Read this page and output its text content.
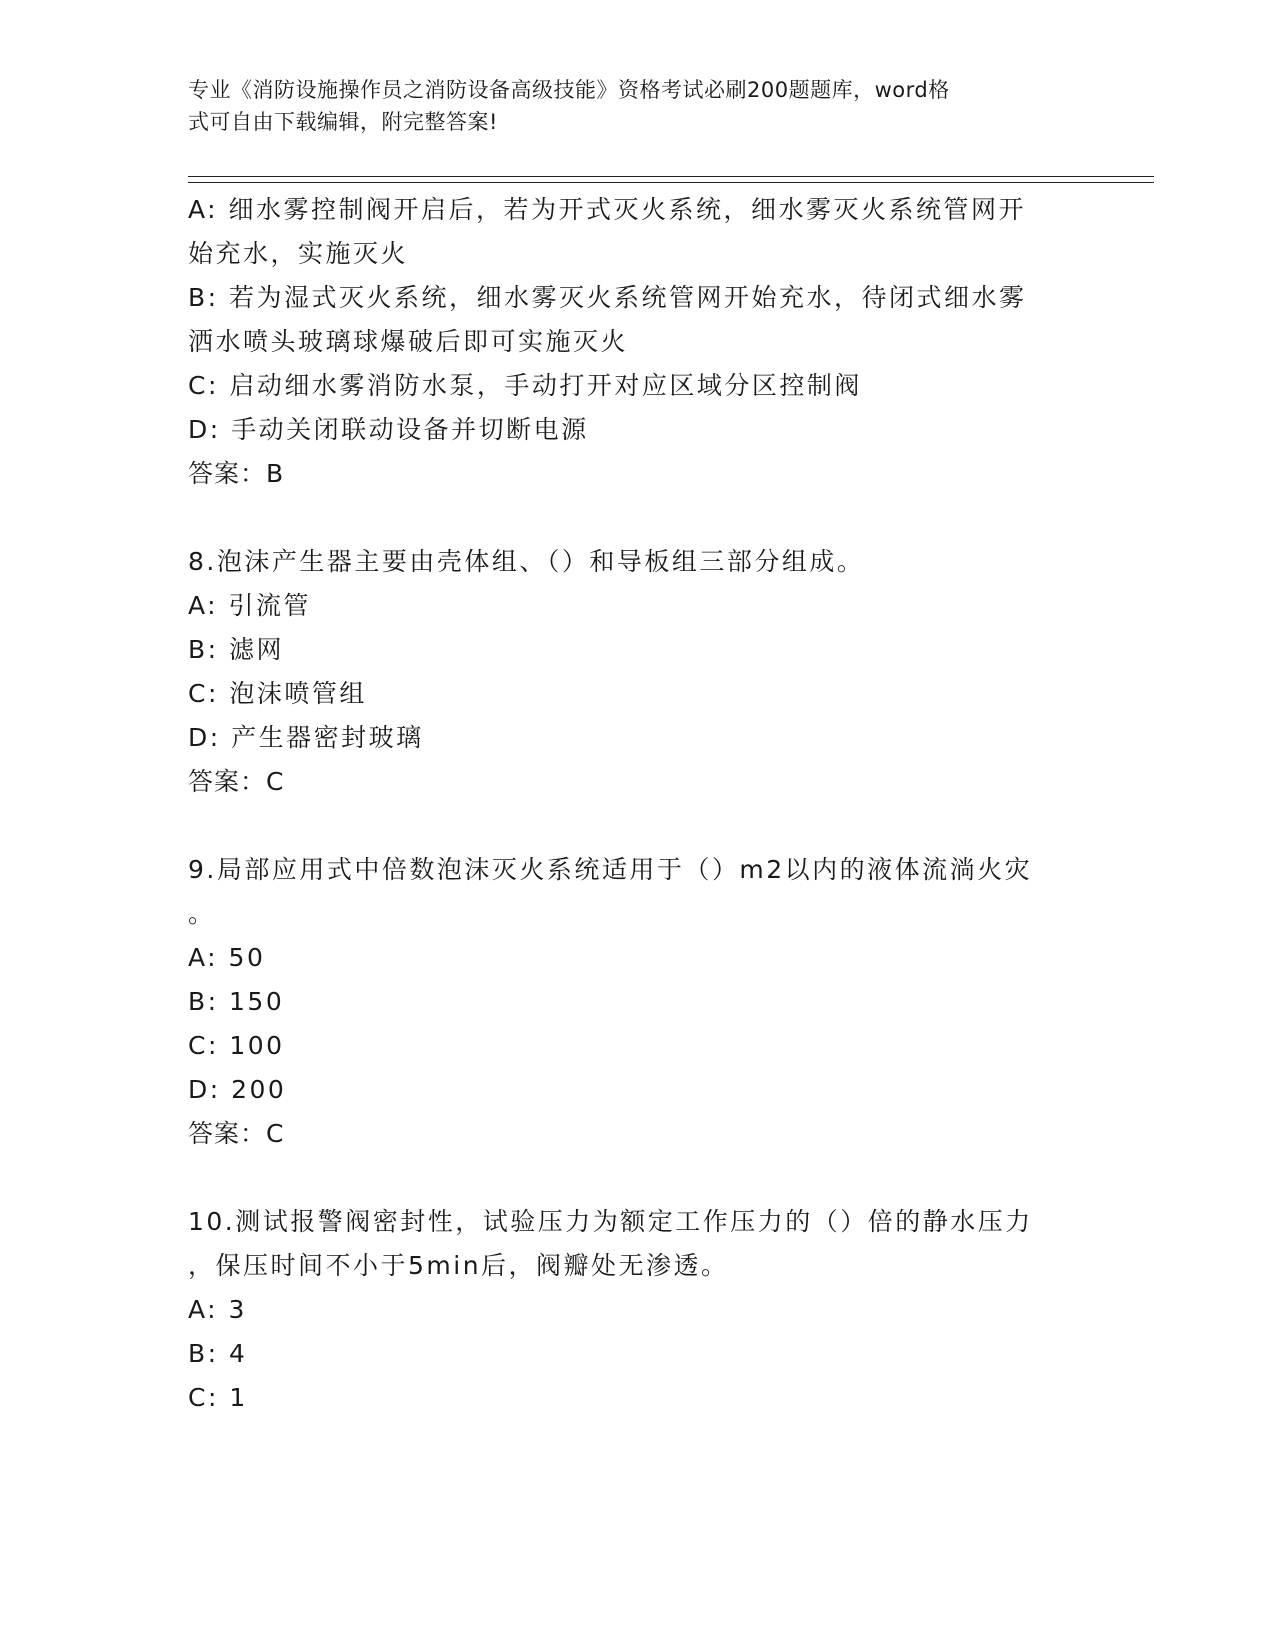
专业《消防设施操作员之消防设备高级技能》资格考试必刷200题题库，word格
式可自由下载编辑，附完整答案!
A: 细水雾控制阀开启后，若为开式灭火系统，细水雾灭火系统管网开
始充水，实施灭火
B: 若为湿式灭火系统，细水雾灭火系统管网开始充水，待闭式细水雾
洒水喷头玻璃球爆破后即可实施灭火
C: 启动细水雾消防水泵，手动打开对应区域分区控制阀
D: 手动关闭联动设备并切断电源
答案：B
8.泡沫产生器主要由壳体组、（）和导板组三部分组成。
A: 引流管
B: 滤网
C: 泡沫喷管组
D: 产生器密封玻璃
答案：C
9.局部应用式中倍数泡沫灭火系统适用于（）m2以内的液体流淌火灾
。
A: 50
B: 150
C: 100
D: 200
答案：C
10.测试报警阀密封性，试验压力为额定工作压力的（）倍的静水压力
，保压时间不小于5min后，阀瓣处无渗透。
A: 3
B: 4
C: 1
